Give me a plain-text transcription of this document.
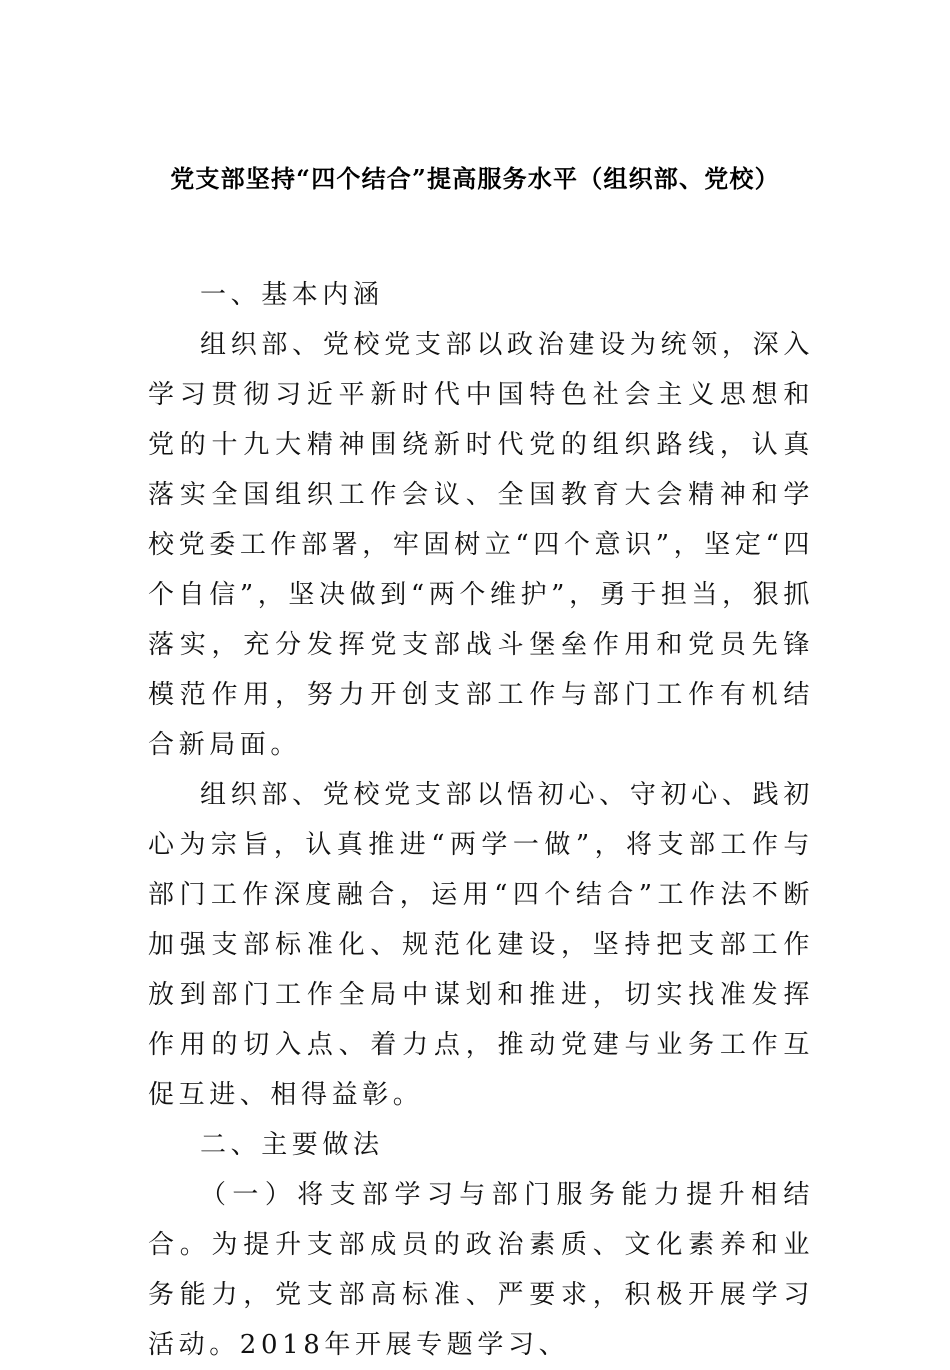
党支部坚持“四个结合”提高服务水平（组织部、党校）

一、基本内涵

组织部、党校党支部以政治建设为统领，深入学习贯彻习近平新时代中国特色社会主义思想和党的十九大精神围绕新时代党的组织路线，认真落实全国组织工作会议、全国教育大会精神和学校党委工作部署，牢固树立“四个意识”，坚定“四个自信”，坚决做到“两个维护”，勇于担当，狠抓落实，充分发挥党支部战斗堡垒作用和党员先锋模范作用，努力开创支部工作与部门工作有机结合新局面。

组织部、党校党支部以悟初心、守初心、践初心为宗旨，认真推进“两学一做”，将支部工作与部门工作深度融合，运用“四个结合”工作法不断加强支部标准化、规范化建设，坚持把支部工作放到部门工作全局中谋划和推进，切实找准发挥作用的切入点、着力点，推动党建与业务工作互促互进、相得益彰。

二、主要做法

（一）将支部学习与部门服务能力提升相结合。为提升支部成员的政治素质、文化素养和业务能力，党支部高标准、严要求，积极开展学习活动。2018年开展专题学习、
